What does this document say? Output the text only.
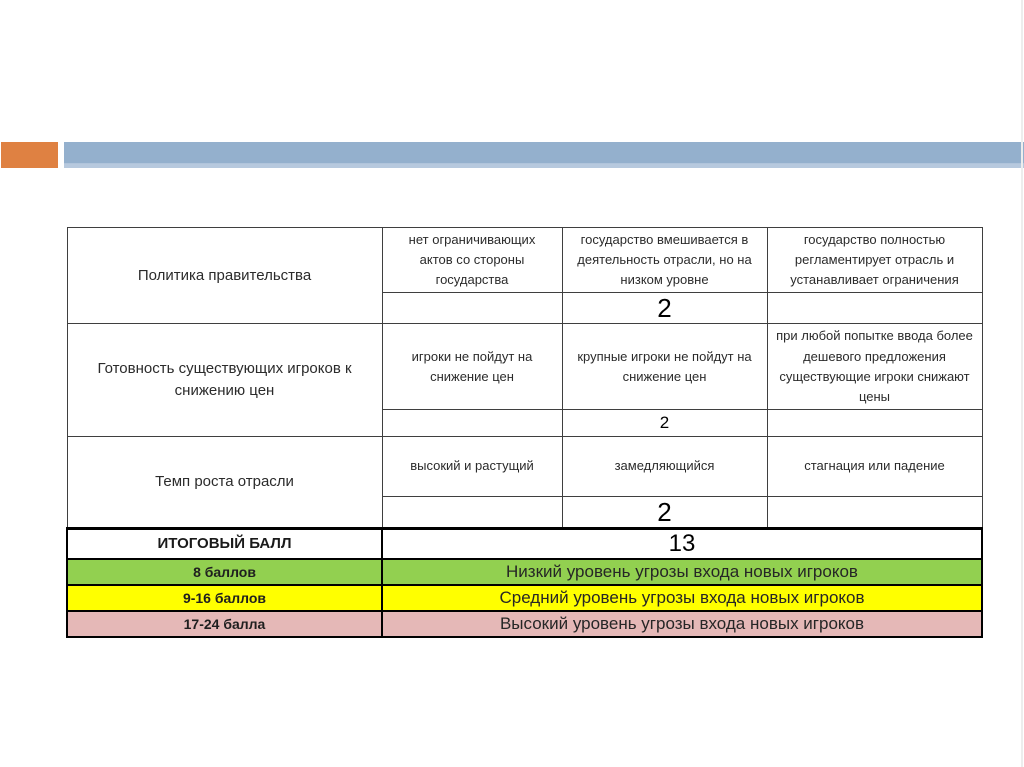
Политика правительства	нет ограничивающих актов со стороны государства	государство вмешивается в деятельность отрасли, но на низком уровне	государство полностью регламентирует отрасль и устанавливает ограничения
		2	
Готовность существующих игроков к снижению цен	игроки не пойдут на снижение цен	крупные игроки не пойдут на снижение цен	при любой попытке ввода более дешевого предложения существующие игроки снижают цены
		2	
Темп роста отрасли	высокий и растущий	замедляющийся	стагнация или падение
		2	
ИТОГОВЫЙ БАЛЛ	13		
8 баллов	Низкий уровень угрозы входа новых игроков		
9-16 баллов	Средний уровень угрозы входа новых игроков		
17-24 балла	Высокий уровень угрозы входа новых игроков		
